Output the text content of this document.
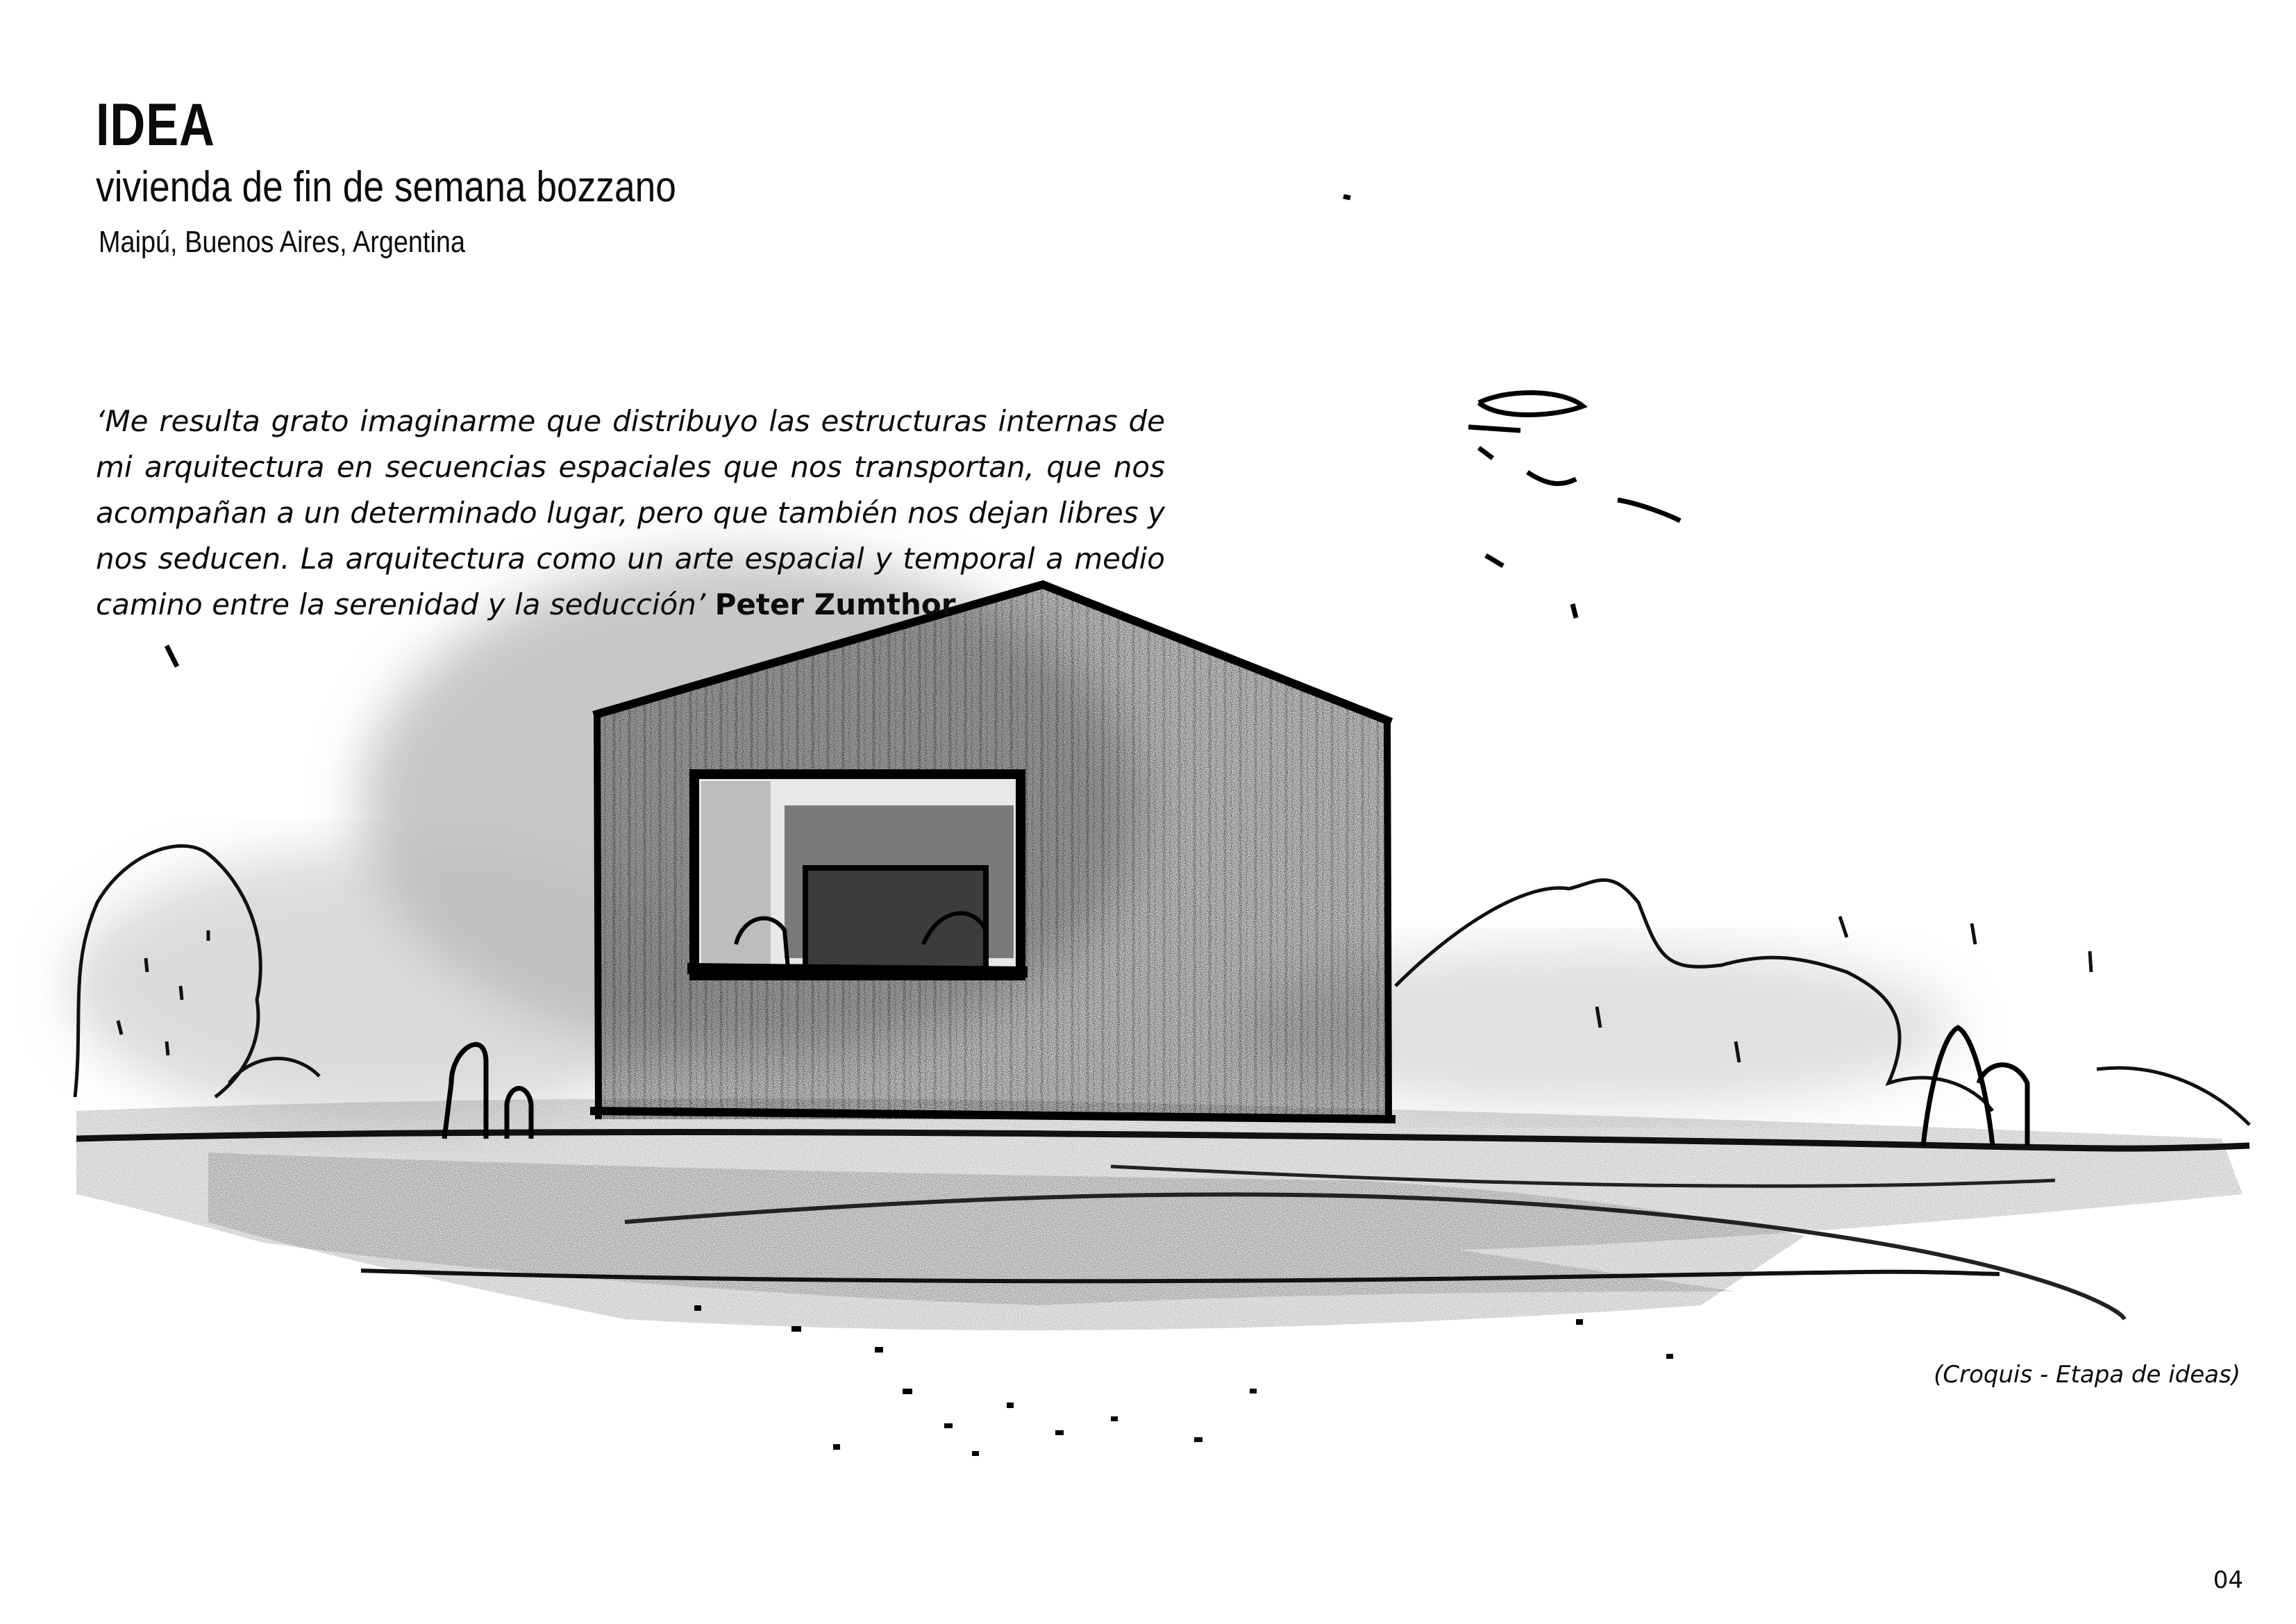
IDEA
vivienda de fin de semana bozzano

Maipú, Buenos Aires, Argentina

‘Me resulta grato imaginarme que distribuyo las estructuras internas de mi arquitectura en secuencias espaciales que nos transportan, que nos acompañan a un determinado lugar, pero que también nos dejan libres y nos seducen. La arquitectura como un arte espacial y temporal a medio camino entre la serenidad y la seducción’ Peter Zumthor

(Croquis - Etapa de ideas)

04
